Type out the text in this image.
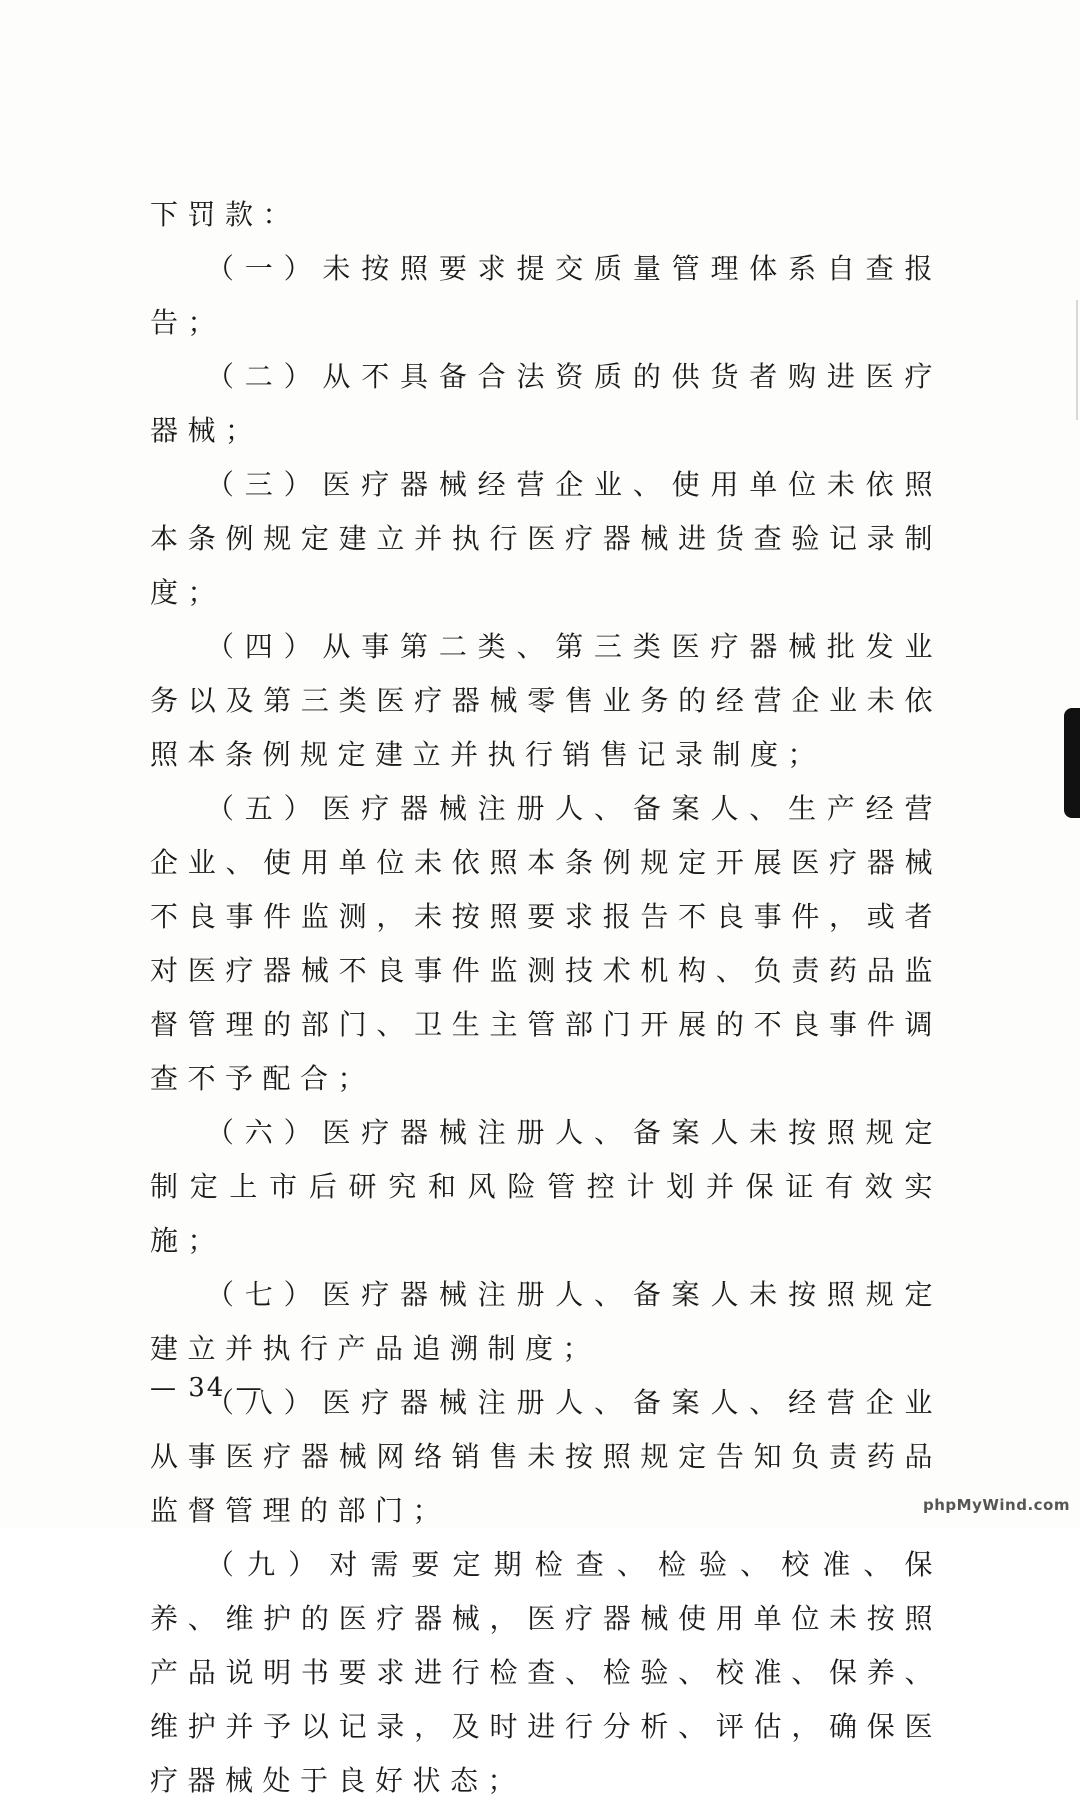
下罚款：

（一）未按照要求提交质量管理体系自查报告；

（二）从不具备合法资质的供货者购进医疗器械；

（三）医疗器械经营企业、使用单位未依照本条例规定建立并执行医疗器械进货查验记录制度；

（四）从事第二类、第三类医疗器械批发业务以及第三类医疗器械零售业务的经营企业未依照本条例规定建立并执行销售记录制度；

（五）医疗器械注册人、备案人、生产经营企业、使用单位未依照本条例规定开展医疗器械不良事件监测，未按照要求报告不良事件，或者对医疗器械不良事件监测技术机构、负责药品监督管理的部门、卫生主管部门开展的不良事件调查不予配合；

（六）医疗器械注册人、备案人未按照规定制定上市后研究和风险管控计划并保证有效实施；

（七）医疗器械注册人、备案人未按照规定建立并执行产品追溯制度；

（八）医疗器械注册人、备案人、经营企业从事医疗器械网络销售未按照规定告知负责药品监督管理的部门；

（九）对需要定期检查、检验、校准、保养、维护的医疗器械，医疗器械使用单位未按照产品说明书要求进行检查、检验、校准、保养、维护并予以记录，及时进行分析、评估，确保医疗器械处于良好状态；

— 34 —
phpMyWind.com
